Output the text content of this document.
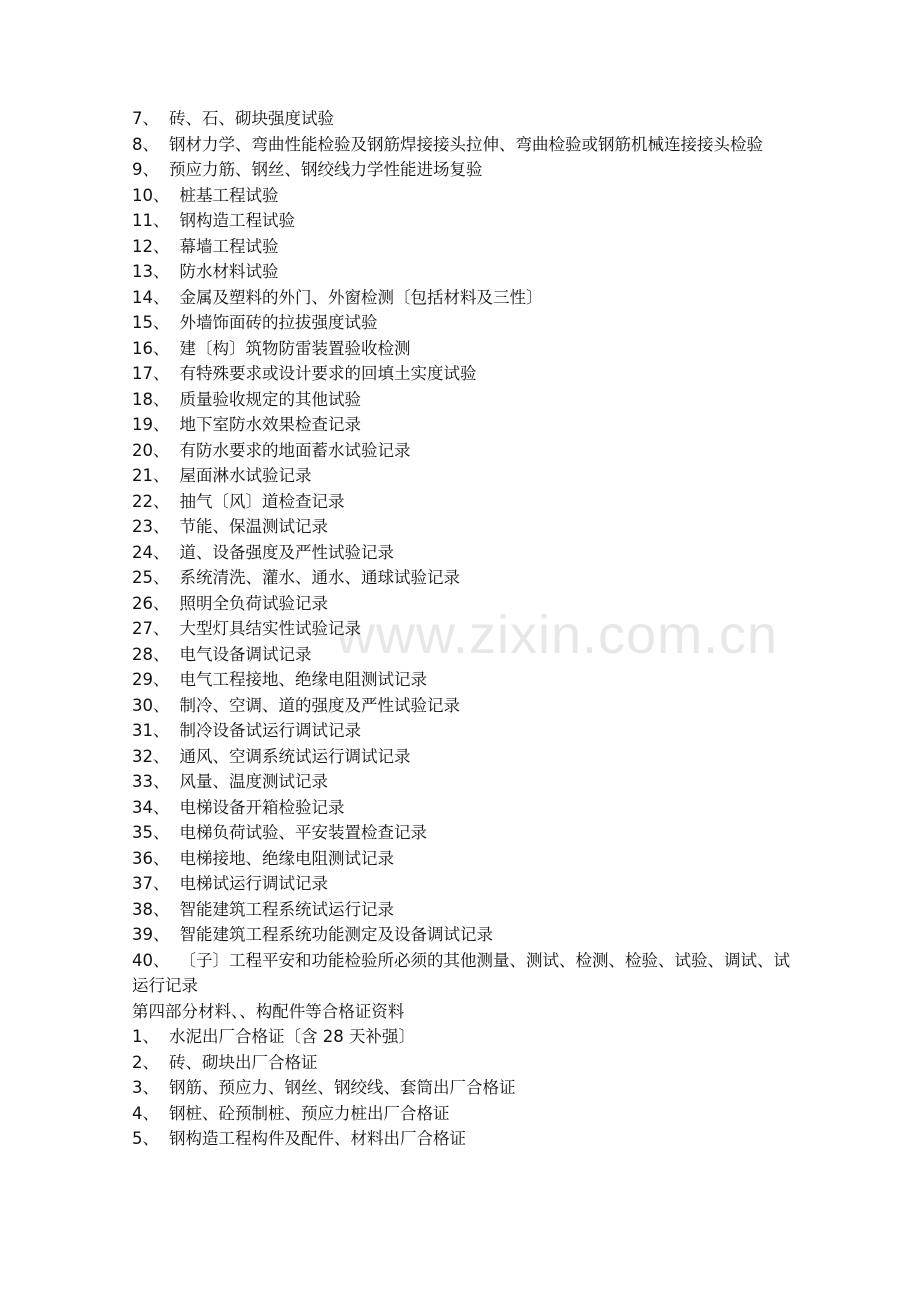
7、 砖、石、砌块强度试验
8、 钢材力学、弯曲性能检验及钢筋焊接接头拉伸、弯曲检验或钢筋机械连接接头检验
9、 预应力筋、钢丝、钢绞线力学性能进场复验
10、 桩基工程试验
11、 钢构造工程试验
12、 幕墙工程试验
13、 防水材料试验
14、 金属及塑料的外门、外窗检测〔包括材料及三性〕
15、 外墙饰面砖的拉拔强度试验
16、 建〔构〕筑物防雷装置验收检测
17、 有特殊要求或设计要求的回填土实度试验
18、 质量验收规定的其他试验
19、 地下室防水效果检查记录
20、 有防水要求的地面蓄水试验记录
21、 屋面淋水试验记录
22、 抽气〔风〕道检查记录
23、 节能、保温测试记录
24、 道、设备强度及严性试验记录
25、 系统清洗、灌水、通水、通球试验记录
26、 照明全负荷试验记录
27、 大型灯具结实性试验记录
28、 电气设备调试记录
29、 电气工程接地、绝缘电阻测试记录
30、 制冷、空调、道的强度及严性试验记录
31、 制冷设备试运行调试记录
32、 通风、空调系统试运行调试记录
33、 风量、温度测试记录
34、 电梯设备开箱检验记录
35、 电梯负荷试验、平安装置检查记录
36、 电梯接地、绝缘电阻测试记录
37、 电梯试运行调试记录
38、 智能建筑工程系统试运行记录
39、 智能建筑工程系统功能测定及设备调试记录
40、 〔子〕工程平安和功能检验所必须的其他测量、测试、检测、检验、试验、调试、试运行记录
第四部分材料、、构配件等合格证资料
1、 水泥出厂合格证〔含 28 天补强〕
2、 砖、砌块出厂合格证
3、 钢筋、预应力、钢丝、钢绞线、套筒出厂合格证
4、 钢桩、砼预制桩、预应力桩出厂合格证
5、 钢构造工程构件及配件、材料出厂合格证
www.zixin.com.cn
